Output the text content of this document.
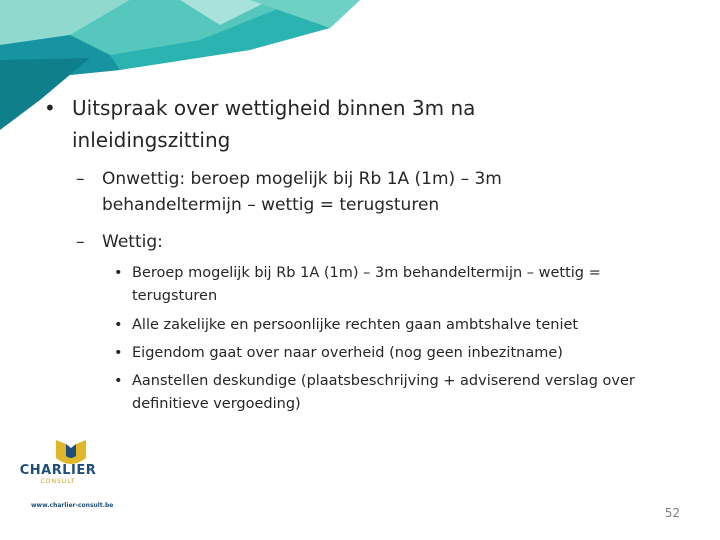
• Uitspraak over wettigheid binnen 3m na inleidingszitting
–	Onwettig: beroep mogelijk bij Rb 1A (1m) – 3m behandeltermijn – wettig = terugsturen
–	Wettig:
• Beroep mogelijk bij Rb 1A (1m) – 3m behandeltermijn – wettig = terugsturen
• Alle zakelijke en persoonlijke rechten gaan ambtshalve teniet
• Eigendom gaat over naar overheid (nog geen inbezitname)
• Aanstellen deskundige (plaatsbeschrijving + adviserend verslag over definitieve vergoeding)
CHARLIER
CONSULT
www.charlier-consult.be
52
